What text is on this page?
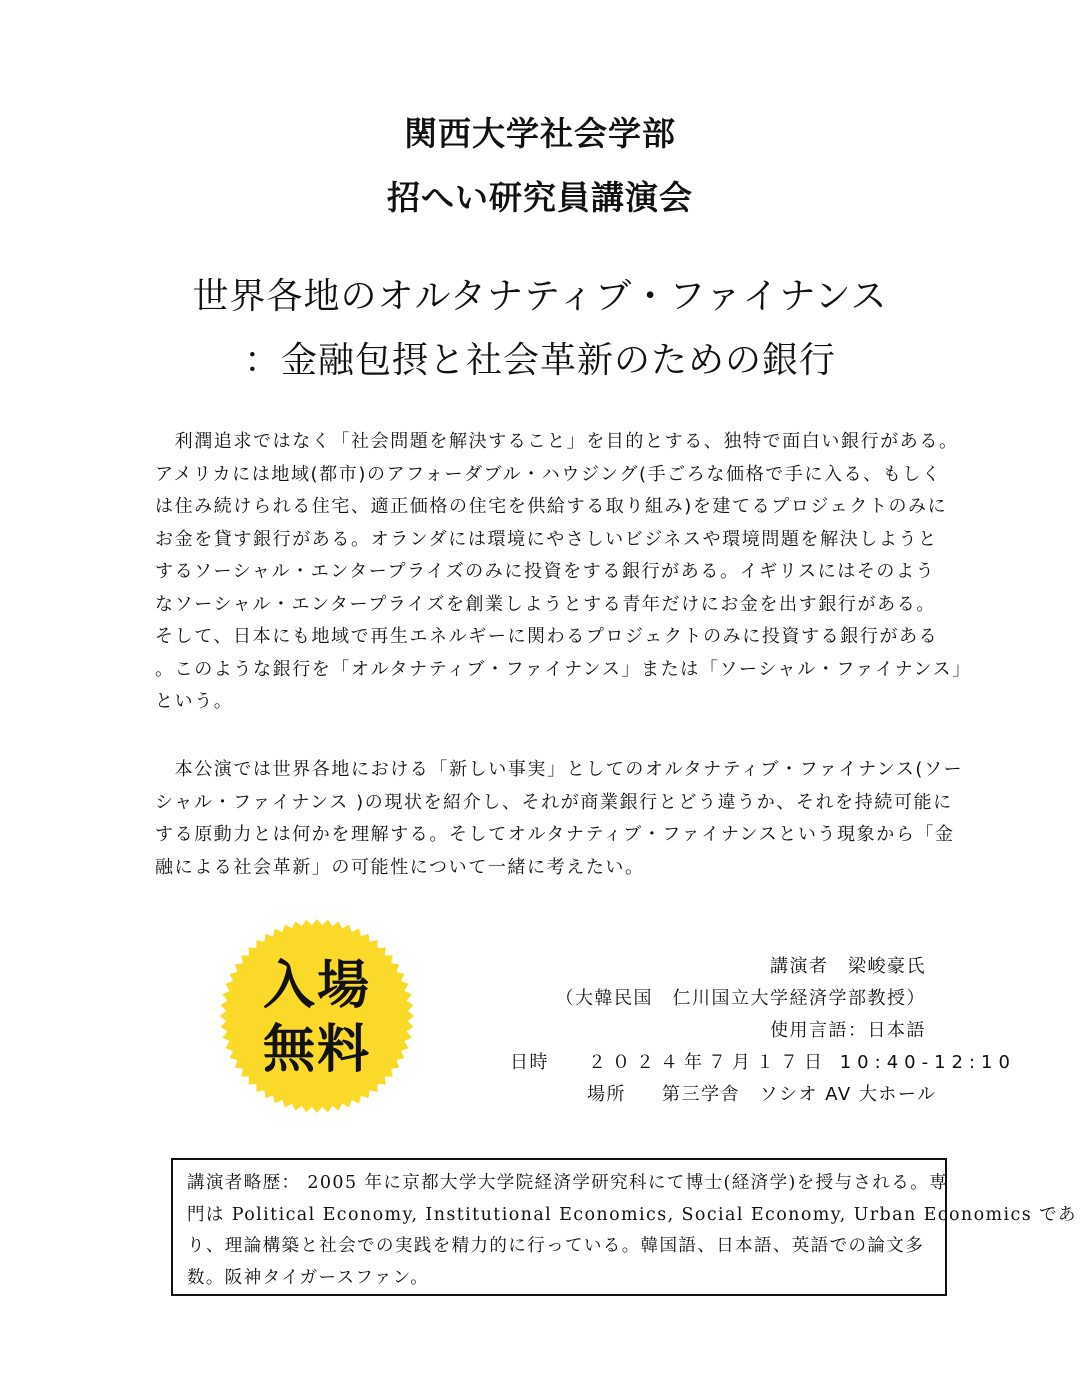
関西大学社会学部
招へい研究員講演会
世界各地のオルタナティブ・ファイナンス
：金融包摂と社会革新のための銀行
　利潤追求ではなく「社会問題を解決すること」を目的とする、独特で面白い銀行がある。
アメリカには地域(都市)のアフォーダブル・ハウジング(手ごろな価格で手に入る、もしく
は住み続けられる住宅、適正価格の住宅を供給する取り組み)を建てるプロジェクトのみに
お金を貸す銀行がある。オランダには環境にやさしいビジネスや環境問題を解決しようと
するソーシャル・エンタープライズのみに投資をする銀行がある。イギリスにはそのよう
なソーシャル・エンタープライズを創業しようとする青年だけにお金を出す銀行がある。
そして、日本にも地域で再生エネルギーに関わるプロジェクトのみに投資する銀行がある
。このような銀行を「オルタナティブ・ファイナンス」または「ソーシャル・ファイナンス」
という。
　本公演では世界各地における「新しい事実」としてのオルタナティブ・ファイナンス(ソー
シャル・ファイナンス )の現状を紹介し、それが商業銀行とどう違うか、それを持続可能に
する原動力とは何かを理解する。そしてオルタナティブ・ファイナンスという現象から「金
融による社会革新」の可能性について一緒に考えたい。
入場
無料
講演者　梁峻豪氏
（大韓民国　仁川国立大学経済学部教授）
使用言語：日本語
日時 ２０２４年７月１７日 10:40-12:10
場所 第三学舎　ソシオ AV 大ホール
講演者略歴： 2005 年に京都大学大学院経済学研究科にて博士(経済学)を授与される。専
門は Political Economy, Institutional Economics, Social Economy, Urban Economics であ
り、理論構築と社会での実践を精力的に行っている。韓国語、日本語、英語での論文多
数。阪神タイガースファン。
